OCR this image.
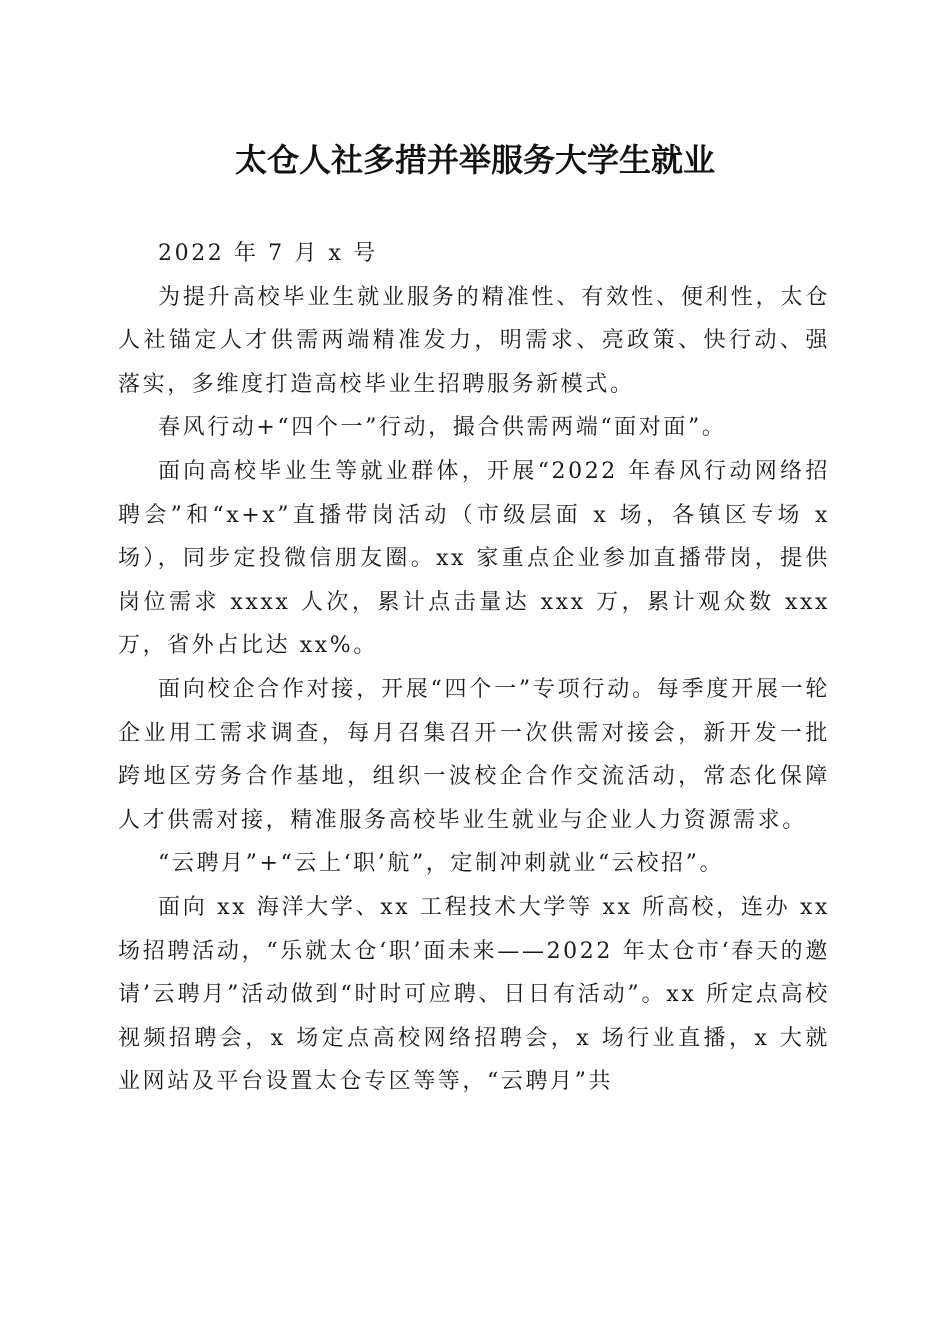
太仓人社多措并举服务大学生就业

2022 年 7 月 x 号

为提升高校毕业生就业服务的精准性、有效性、便利性，太仓人社锚定人才供需两端精准发力，明需求、亮政策、快行动、强落实，多维度打造高校毕业生招聘服务新模式。

春风行动+“四个一”行动，撮合供需两端“面对面”。

面向高校毕业生等就业群体，开展“2022 年春风行动网络招聘会”和“x+x”直播带岗活动（市级层面 x 场，各镇区专场 x 场），同步定投微信朋友圈。xx 家重点企业参加直播带岗，提供岗位需求 xxxx 人次，累计点击量达 xxx 万，累计观众数 xxx 万，省外占比达 xx%。

面向校企合作对接，开展“四个一”专项行动。每季度开展一轮企业用工需求调查，每月召集召开一次供需对接会，新开发一批跨地区劳务合作基地，组织一波校企合作交流活动，常态化保障人才供需对接，精准服务高校毕业生就业与企业人力资源需求。

“云聘月”+“云上‘职’航”，定制冲刺就业“云校招”。

面向 xx 海洋大学、xx 工程技术大学等 xx 所高校，连办 xx 场招聘活动，“乐就太仓‘职’面未来——2022 年太仓市‘春天的邀请’云聘月”活动做到“时时可应聘、日日有活动”。xx 所定点高校视频招聘会，x 场定点高校网络招聘会，x 场行业直播，x 大就业网站及平台设置太仓专区等等，“云聘月”共
